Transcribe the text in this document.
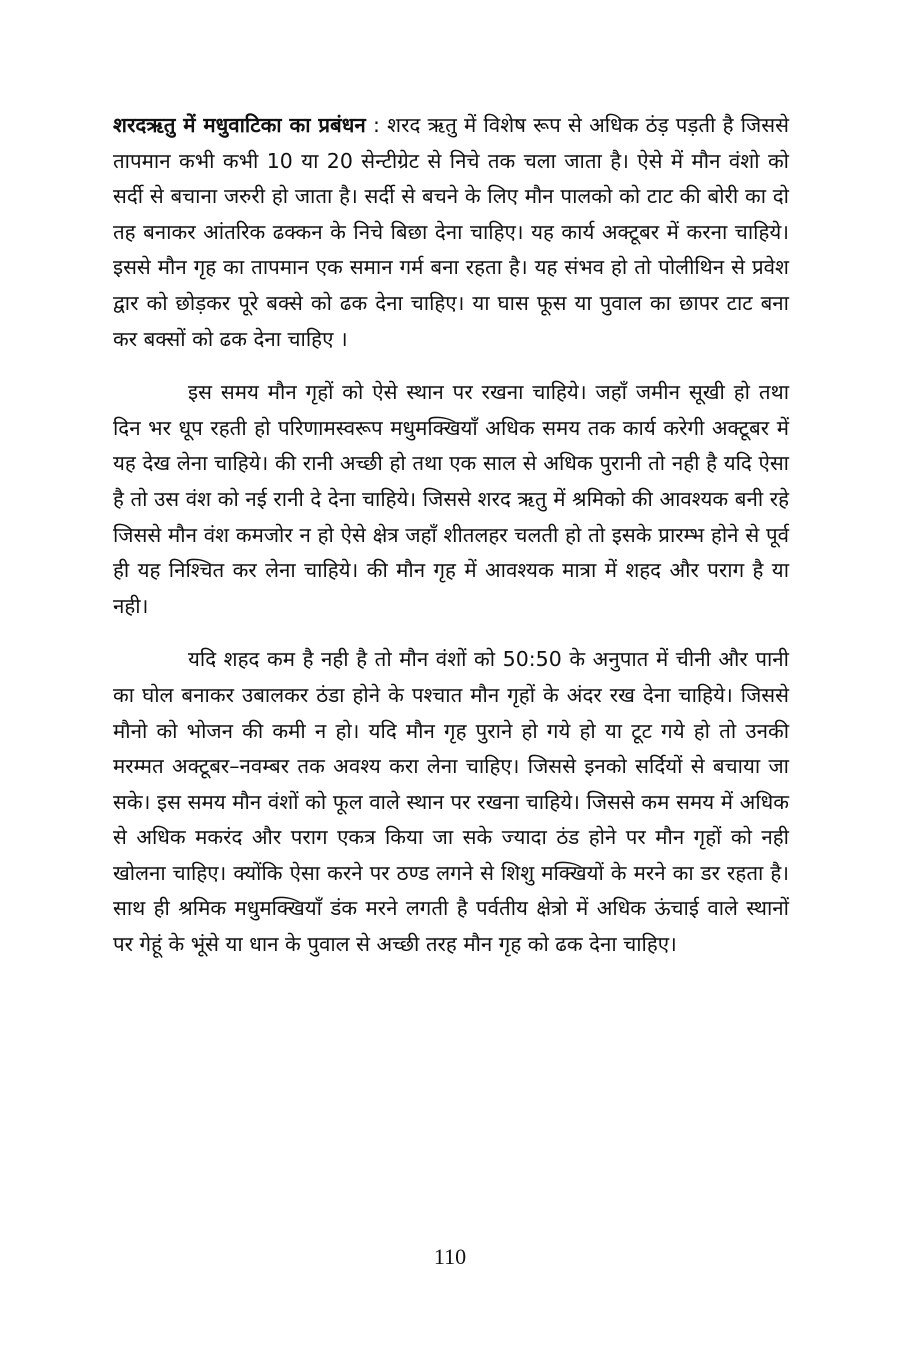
शरदऋतु में मधुवाटिका का प्रबंधन : शरद ऋतु में विशेष रूप से अधिक ठंड़ पड़ती है जिससे तापमान कभी कभी 10 या 20 सेन्टीग्रेट से निचे तक चला जाता है। ऐसे में मौन वंशो को सर्दी से बचाना जरुरी हो जाता है। सर्दी से बचने के लिए मौन पालको को टाट की बोरी का दो तह बनाकर आंतरिक ढक्कन के निचे बिछा देना चाहिए। यह कार्य अक्टूबर में करना चाहिये। इससे मौन गृह का तापमान एक समान गर्म बना रहता है। यह संभव हो तो पोलीथिन से प्रवेश द्वार को छोड़कर पूरे बक्से को ढक देना चाहिए। या घास फूस या पुवाल का छापर टाट बना कर बक्सों को ढक देना चाहिए ।

इस समय मौन गृहों को ऐसे स्थान पर रखना चाहिये। जहाँ जमीन सूखी हो तथा दिन भर धूप रहती हो परिणामस्वरूप मधुमक्खियाँ अधिक समय तक कार्य करेगी अक्टूबर में यह देख लेना चाहिये। की रानी अच्छी हो तथा एक साल से अधिक पुरानी तो नही है यदि ऐसा है तो उस वंश को नई रानी दे देना चाहिये। जिससे शरद ऋतु में श्रमिको की आवश्यक बनी रहे जिससे मौन वंश कमजोर न हो ऐसे क्षेत्र जहाँ शीतलहर चलती हो तो इसके प्रारम्भ होने से पूर्व ही यह निश्चित कर लेना चाहिये। की मौन गृह में आवश्यक मात्रा में शहद और पराग है या नही।

यदि शहद कम है नही है तो मौन वंशों को 50:50 के अनुपात में चीनी और पानी का घोल बनाकर उबालकर ठंडा होने के पश्चात मौन गृहों के अंदर रख देना चाहिये। जिससे मौनो को भोजन की कमी न हो। यदि मौन गृह पुराने हो गये हो या टूट गये हो तो उनकी मरम्मत अक्टूबर–नवम्बर तक अवश्य करा लेना चाहिए। जिससे इनको सर्दियों से बचाया जा सके। इस समय मौन वंशों को फूल वाले स्थान पर रखना चाहिये। जिससे कम समय में अधिक से अधिक मकरंद और पराग एकत्र किया जा सके ज्यादा ठंड होने पर मौन गृहों को नही खोलना चाहिए। क्योंकि ऐसा करने पर ठण्ड लगने से शिशु मक्खियों के मरने का डर रहता है। साथ ही श्रमिक मधुमक्खियाँ डंक मरने लगती है पर्वतीय क्षेत्रो में अधिक ऊंचाई वाले स्थानों पर गेहूं के भूंसे या धान के पुवाल से अच्छी तरह मौन गृह को ढक देना चाहिए।

110
